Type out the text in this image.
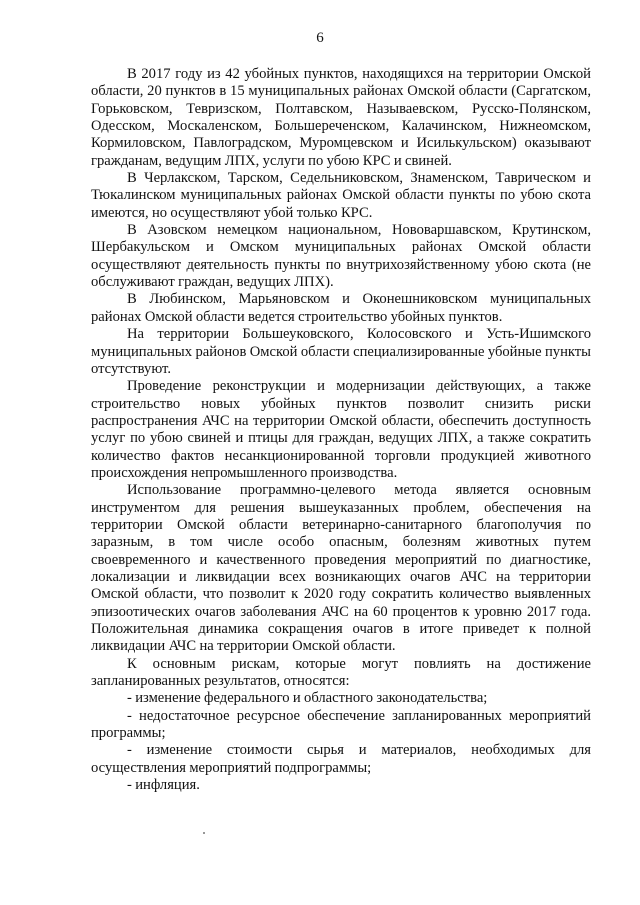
6

В 2017 году из 42 убойных пунктов, находящихся на территории Омской области, 20 пунктов в 15 муниципальных районах Омской области (Саргатском, Горьковском, Тевризском, Полтавском, Называевском, Русско-Полянском, Одесском, Москаленском, Большереченском, Калачинском, Нижнеомском, Кормиловском, Павлоградском, Муромцевском и Исилькульском) оказывают гражданам, ведущим ЛПХ, услуги по убою КРС и свиней.

В Черлакском, Тарском, Седельниковском, Знаменском, Таврическом и Тюкалинском муниципальных районах Омской области пункты по убою скота имеются, но осуществляют убой только КРС.

В Азовском немецком национальном, Нововаршавском, Крутинском, Шербакульском и Омском муниципальных районах Омской области осуществляют деятельность пункты по внутрихозяйственному убою скота (не обслуживают граждан, ведущих ЛПХ).

В Любинском, Марьяновском и Оконешниковском муниципальных районах Омской области ведется строительство убойных пунктов.

На территории Большеуковского, Колосовского и Усть-Ишимского муниципальных районов Омской области специализированные убойные пункты отсутствуют.

Проведение реконструкции и модернизации действующих, а также строительство новых убойных пунктов позволит снизить риски распространения АЧС на территории Омской области, обеспечить доступность услуг по убою свиней и птицы для граждан, ведущих ЛПХ, а также сократить количество фактов несанкционированной торговли продукцией животного происхождения непромышленного производства.

Использование программно-целевого метода является основным инструментом для решения вышеуказанных проблем, обеспечения на территории Омской области ветеринарно-санитарного благополучия по заразным, в том числе особо опасным, болезням животных путем своевременного и качественного проведения мероприятий по диагностике, локализации и ликвидации всех возникающих очагов АЧС на территории Омской области, что позволит к 2020 году сократить количество выявленных эпизоотических очагов заболевания АЧС на 60 процентов к уровню 2017 года. Положительная динамика сокращения очагов в итоге приведет к полной ликвидации АЧС на территории Омской области.

К основным рискам, которые могут повлиять на достижение запланированных результатов, относятся:

- изменение федерального и областного законодательства;

- недостаточное ресурсное обеспечение запланированных мероприятий программы;

- изменение стоимости сырья и материалов, необходимых для осуществления мероприятий подпрограммы;

- инфляция.
